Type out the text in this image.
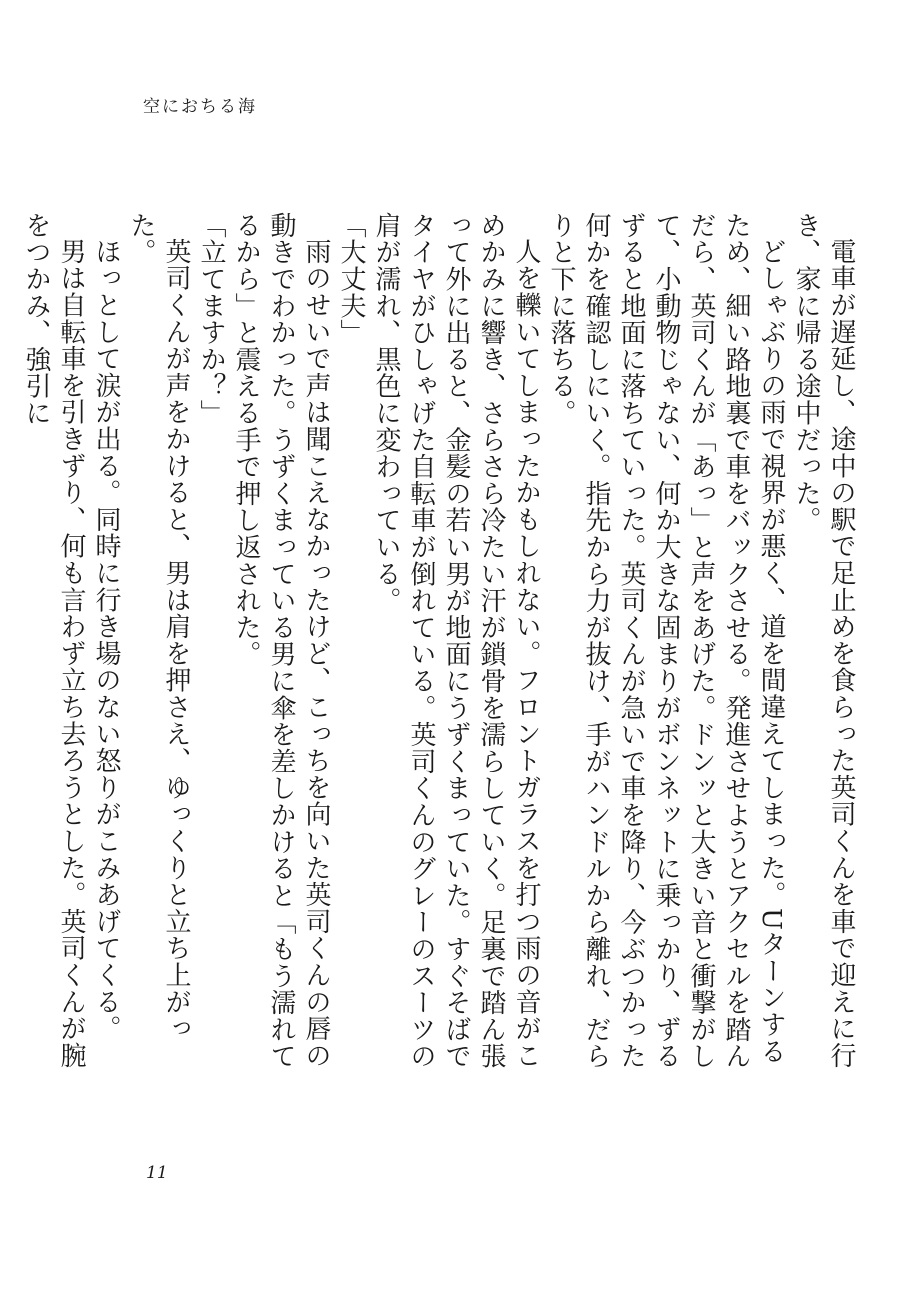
空におちる海

電車が遅延し、途中の駅で足止めを食らった英司くんを車で迎えに行き、家に帰る途中だった。

どしゃぶりの雨で視界が悪く、道を間違えてしまった。Uターンするため、細い路地裏で車をバックさせる。発進させようとアクセルを踏んだら、英司くんが「あっ」と声をあげた。ドンッと大きい音と衝撃がして、小動物じゃない、何か大きな固まりがボンネットに乗っかり、ずるずると地面に落ちていった。英司くんが急いで車を降り、今ぶつかった何かを確認しにいく。指先から力が抜け、手がハンドルから離れ、だらりと下に落ちる。

人を轢いてしまったかもしれない。フロントガラスを打つ雨の音がこめかみに響き、さらさら冷たい汗が鎖骨を濡らしていく。足裏で踏ん張って外に出ると、金髪の若い男が地面にうずくまっていた。すぐそばでタイヤがひしゃげた自転車が倒れている。英司くんのグレーのスーツの肩が濡れ、黒色に変わっている。

「大丈夫」

雨のせいで声は聞こえなかったけど、こっちを向いた英司くんの唇の動きでわかった。うずくまっている男に傘を差しかけると「もう濡れてるから」と震える手で押し返された。

「立てますか？」

英司くんが声をかけると、男は肩を押さえ、ゆっくりと立ち上がった。

ほっとして涙が出る。同時に行き場のない怒りがこみあげてくる。

男は自転車を引きずり、何も言わず立ち去ろうとした。英司くんが腕をつかみ、強引に

11
